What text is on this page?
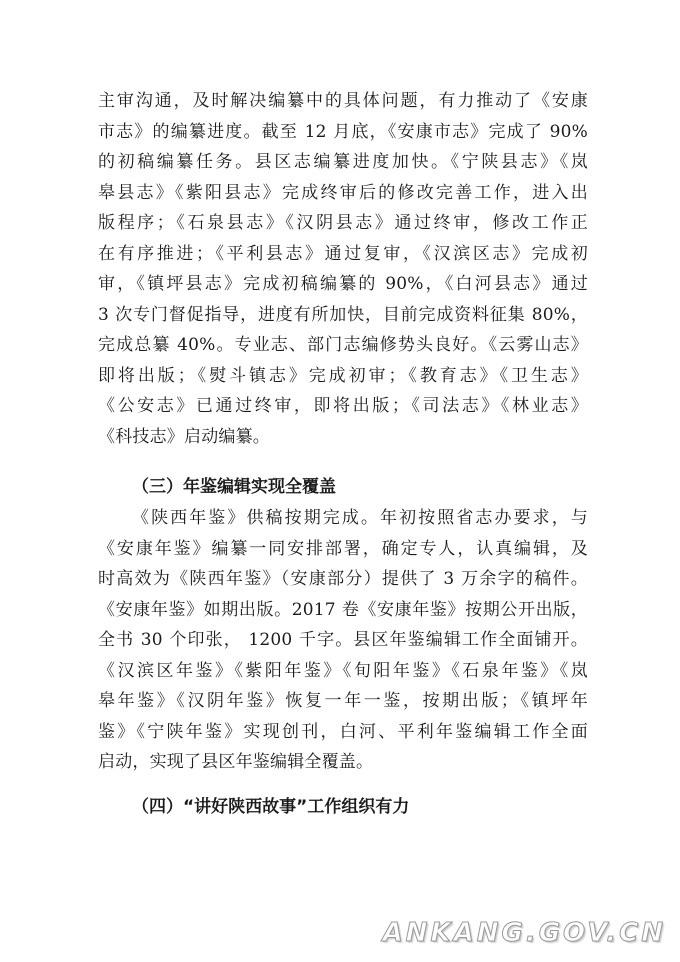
主审沟通，及时解决编纂中的具体问题，有力推动了《安康
市志》的编纂进度。截至 12 月底，《安康市志》完成了 90%
的初稿编纂任务。县区志编纂进度加快。《宁陕县志》《岚
皋县志》《紫阳县志》完成终审后的修改完善工作，进入出
版程序；《石泉县志》《汉阴县志》通过终审，修改工作正
在有序推进；《平利县志》通过复审，《汉滨区志》完成初
审，《镇坪县志》完成初稿编纂的 90%，《白河县志》通过
3 次专门督促指导，进度有所加快，目前完成资料征集 80%，
完成总纂 40%。专业志、部门志编修势头良好。《云雾山志》
即将出版；《熨斗镇志》完成初审；《教育志》《卫生志》
《公安志》已通过终审，即将出版；《司法志》《林业志》
《科技志》启动编纂。
（三）年鉴编辑实现全覆盖
《陕西年鉴》供稿按期完成。年初按照省志办要求，与
《安康年鉴》编纂一同安排部署，确定专人，认真编辑，及
时高效为《陕西年鉴》（安康部分）提供了 3 万余字的稿件。
《安康年鉴》如期出版。2017 卷《安康年鉴》按期公开出版，
全书 30 个印张， 1200 千字。县区年鉴编辑工作全面铺开。
《汉滨区年鉴》《紫阳年鉴》《旬阳年鉴》《石泉年鉴》《岚
皋年鉴》《汉阴年鉴》恢复一年一鉴，按期出版；《镇坪年
鉴》《宁陕年鉴》实现创刊，白河、平利年鉴编辑工作全面
启动，实现了县区年鉴编辑全覆盖。
（四）“讲好陕西故事”工作组织有力
ANKANG.GOV.CN
